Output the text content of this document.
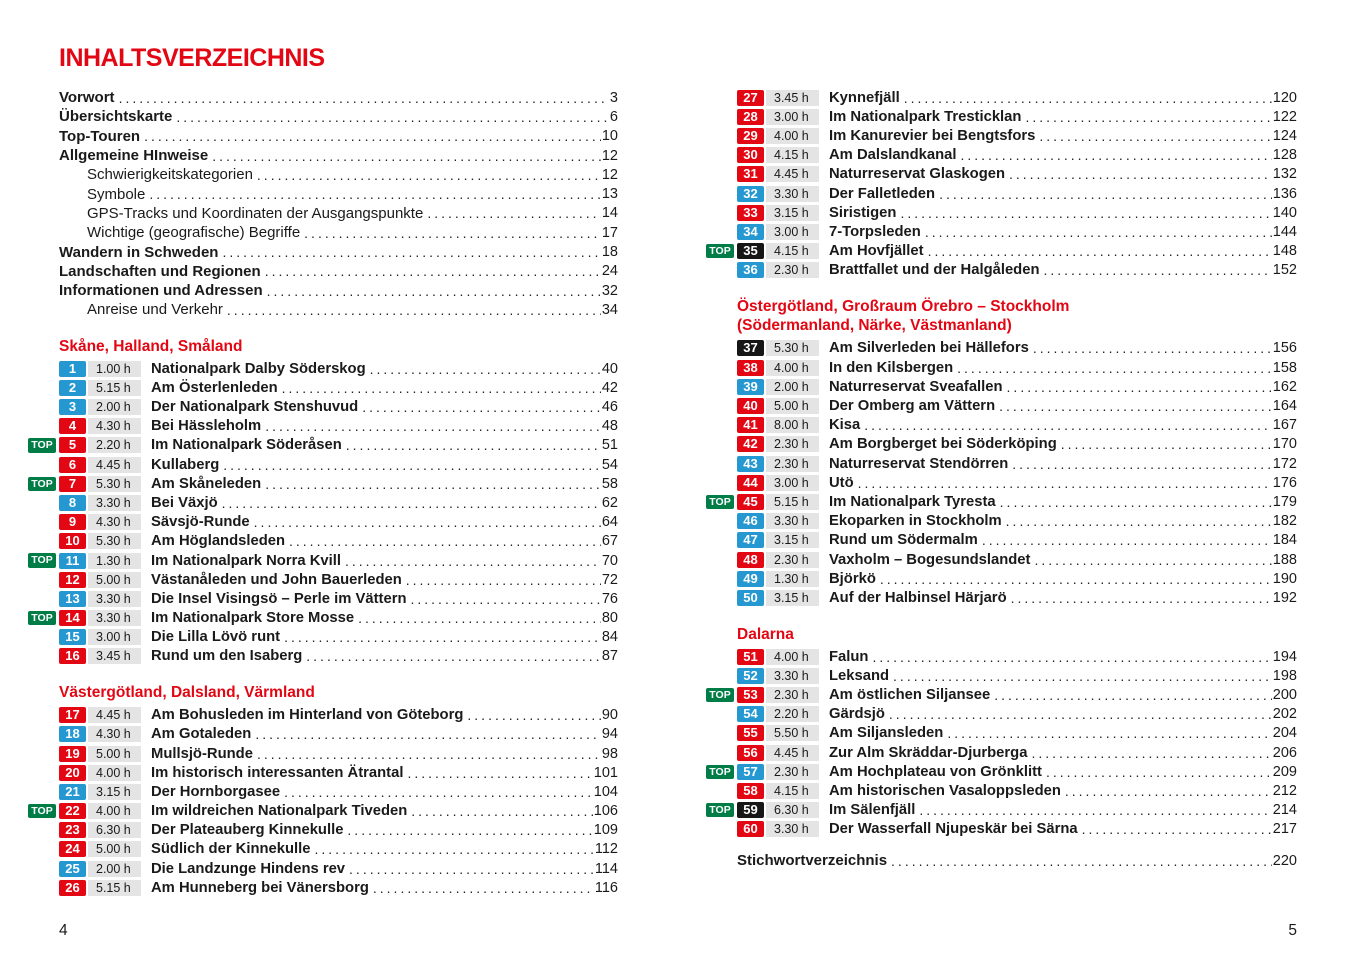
INHALTSVERZEICHNIS
Vorwort .....	3
Übersichtskarte .....	6
Top-Touren .....	10
Allgemeine HInweise .....	12
Schwierigkeitskategorien .....	12
Symbole .....	13
GPS-Tracks und Koordinaten der Ausgangspunkte .....	14
Wichtige (geografische) Begriffe .....	17
Wandern in Schweden .....	18
Landschaften und Regionen .....	24
Informationen und Adressen .....	32
Anreise und Verkehr .....	34
Skåne, Halland, Småland
1	1.00 h	Nationalpark Dalby Söderskog .....	40
2	5.15 h	Am Österlenleden .....	42
3	2.00 h	Der Nationalpark Stenshuvud .....	46
4	4.30 h	Bei Hässleholm .....	48
TOP	5	2.20 h	Im Nationalpark Söderåsen .....	51
6	4.45 h	Kullaberg .....	54
TOP	7	5.30 h	Am Skåneleden .....	58
8	3.30 h	Bei Växjö .....	62
9	4.30 h	Sävsjö-Runde .....	64
10	5.30 h	Am Höglandsleden .....	67
TOP 11	1.30 h	Im Nationalpark Norra Kvill .....	70
12	5.00 h	Västanåleden und John Bauerleden .....	72
13	3.30 h	Die Insel Visingsö – Perle im Vättern .....	76
TOP 14	3.30 h	Im Nationalpark Store Mosse .....	80
15	3.00 h	Die Lilla Lövö runt .....	84
16	3.45 h	Rund um den Isaberg .....	87
Västergötland, Dalsland, Värmland
17	4.45 h	Am Bohusleden im Hinterland von Göteborg .....	90
18	4.30 h	Am Gotaleden .....	94
19	5.00 h	Mullsjö-Runde .....	98
20	4.00 h	Im historisch interessanten Ätrantal .....	101
21	3.15 h	Der Hornborgasee .....	104
TOP 22	4.00 h	Im wildreichen Nationalpark Tiveden .....	106
23	6.30 h	Der Plateauberg Kinnekulle .....	109
24	5.00 h	Südlich der Kinnekulle .....	112
25	2.00 h	Die Landzunge Hindens rev .....	114
26	5.15 h	Am Hunneberg bei Vänersborg .....	116
27	3.45 h	Kynnefjäll .....	120
28	3.00 h	Im Nationalpark Tresticklan .....	122
29	4.00 h	Im Kanurevier bei Bengtsfors .....	124
30	4.15 h	Am Dalslandkanal .....	128
31	4.45 h	Naturreservat Glaskogen .....	132
32	3.30 h	Der Falletleden .....	136
33	3.15 h	Siristigen .....	140
34	3.00 h	7-Torpsleden .....	144
TOP 35	4.15 h	Am Hovfjället .....	148
36	2.30 h	Brattfallet und der Halgåleden .....	152
Östergötland, Großraum Örebro – Stockholm
(Södermanland, Närke, Västmanland)
37	5.30 h	Am Silverleden bei Hällefors .....	156
38	4.00 h	In den Kilsbergen .....	158
39	2.00 h	Naturreservat Sveafallen .....	162
40	5.00 h	Der Omberg am Vättern .....	164
41	8.00 h	Kisa .....	167
42	2.30 h	Am Borgberget bei Söderköping .....	170
43	2.30 h	Naturreservat Stendörren .....	172
44	3.00 h	Utö .....	176
TOP 45	5.15 h	Im Nationalpark Tyresta .....	179
46	3.30 h	Ekoparken in Stockholm .....	182
47	3.15 h	Rund um Södermalm .....	184
48	2.30 h	Vaxholm – Bogesundslandet .....	188
49	1.30 h	Björkö .....	190
50	3.15 h	Auf der Halbinsel Härjarö .....	192
Dalarna
51	4.00 h	Falun .....	194
52	3.30 h	Leksand .....	198
TOP 53	2.30 h	Am östlichen Siljansee .....	200
54	2.20 h	Gärdsjö .....	202
55	5.50 h	Am Siljansleden .....	204
56	4.45 h	Zur Alm Skräddar-Djurberga .....	206
TOP 57	2.30 h	Am Hochplateau von Grönklitt .....	209
58	4.15 h	Am historischen Vasaloppsleden .....	212
TOP 59	6.30 h	Im Sälenfjäll .....	214
60	3.30 h	Der Wasserfall Njupeskär bei Särna .....	217
Stichwortverzeichnis .....	220
4	5
